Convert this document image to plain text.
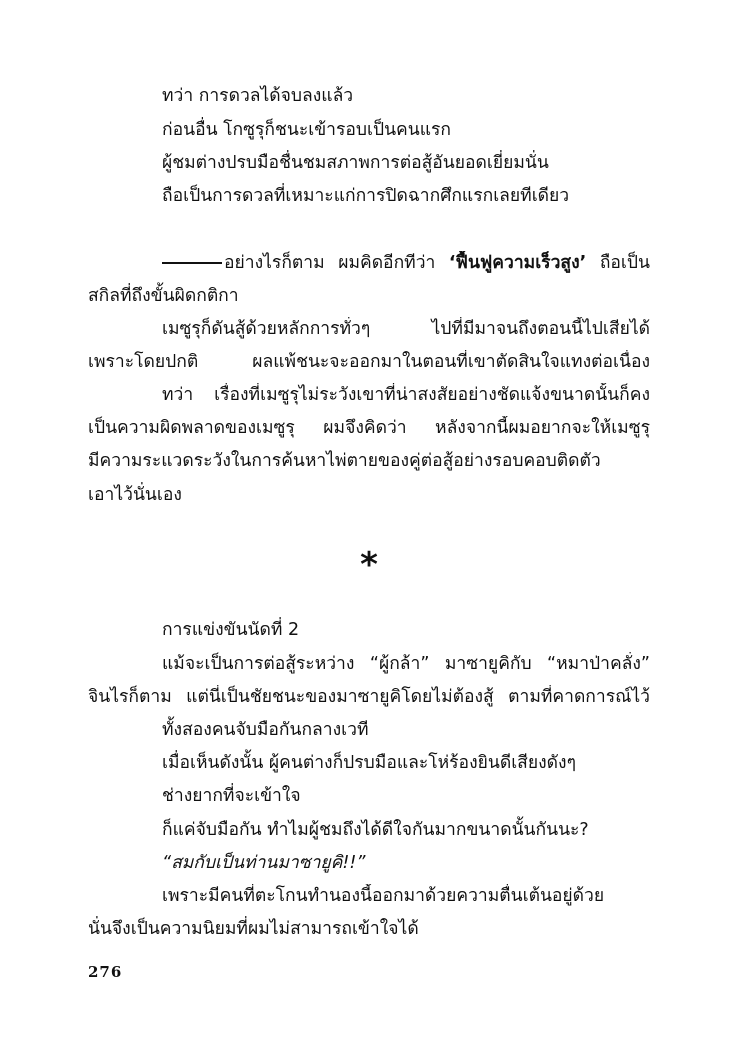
ทว่า การดวลได้จบลงแล้ว
ก่อนอื่น โกซูรุก็ชนะเข้ารอบเป็นคนแรก
ผู้ชมต่างปรบมือชื่นชมสภาพการต่อสู้อันยอดเยี่ยมนั่น
ถือเป็นการดวลที่เหมาะแก่การปิดฉากศึกแรกเลยทีเดียว
อย่างไรก็ตาม ผมคิดอีกทีว่า ‘ฟื้นฟูความเร็วสูง’ ถือเป็น
สกิลที่ถึงขั้นผิดกติกา
เมซูรุก็ดันสู้ด้วยหลักการทั่วๆ ไปที่มีมาจนถึงตอนนี้ไปเสียได้
เพราะโดยปกติ ผลแพ้ชนะจะออกมาในตอนที่เขาตัดสินใจแทงต่อเนื่อง
ทว่า เรื่องที่เมซูรุไม่ระวังเขาที่น่าสงสัยอย่างชัดแจ้งขนาดนั้นก็คง
เป็นความผิดพลาดของเมซูรุ ผมจึงคิดว่า หลังจากนี้ผมอยากจะให้เมซูรุ
มีความระแวดระวังในการค้นหาไพ่ตายของคู่ต่อสู้อย่างรอบคอบติดตัว
เอาไว้นั่นเอง
*
การแข่งขันนัดที่ 2
แม้จะเป็นการต่อสู้ระหว่าง “ผู้กล้า” มาซายูคิกับ “หมาป่าคลั่ง”
จินไรก็ตาม แต่นี่เป็นชัยชนะของมาซายูคิโดยไม่ต้องสู้ ตามที่คาดการณ์ไว้
ทั้งสองคนจับมือกันกลางเวที
เมื่อเห็นดังนั้น ผู้คนต่างก็ปรบมือและโห่ร้องยินดีเสียงดังๆ
ช่างยากที่จะเข้าใจ
ก็แค่จับมือกัน ทำไมผู้ชมถึงได้ดีใจกันมากขนาดนั้นกันนะ?
“สมกับเป็นท่านมาซายูคิ!!”
เพราะมีคนที่ตะโกนทำนองนี้ออกมาด้วยความตื่นเต้นอยู่ด้วย
นั่นจึงเป็นความนิยมที่ผมไม่สามารถเข้าใจได้
276
